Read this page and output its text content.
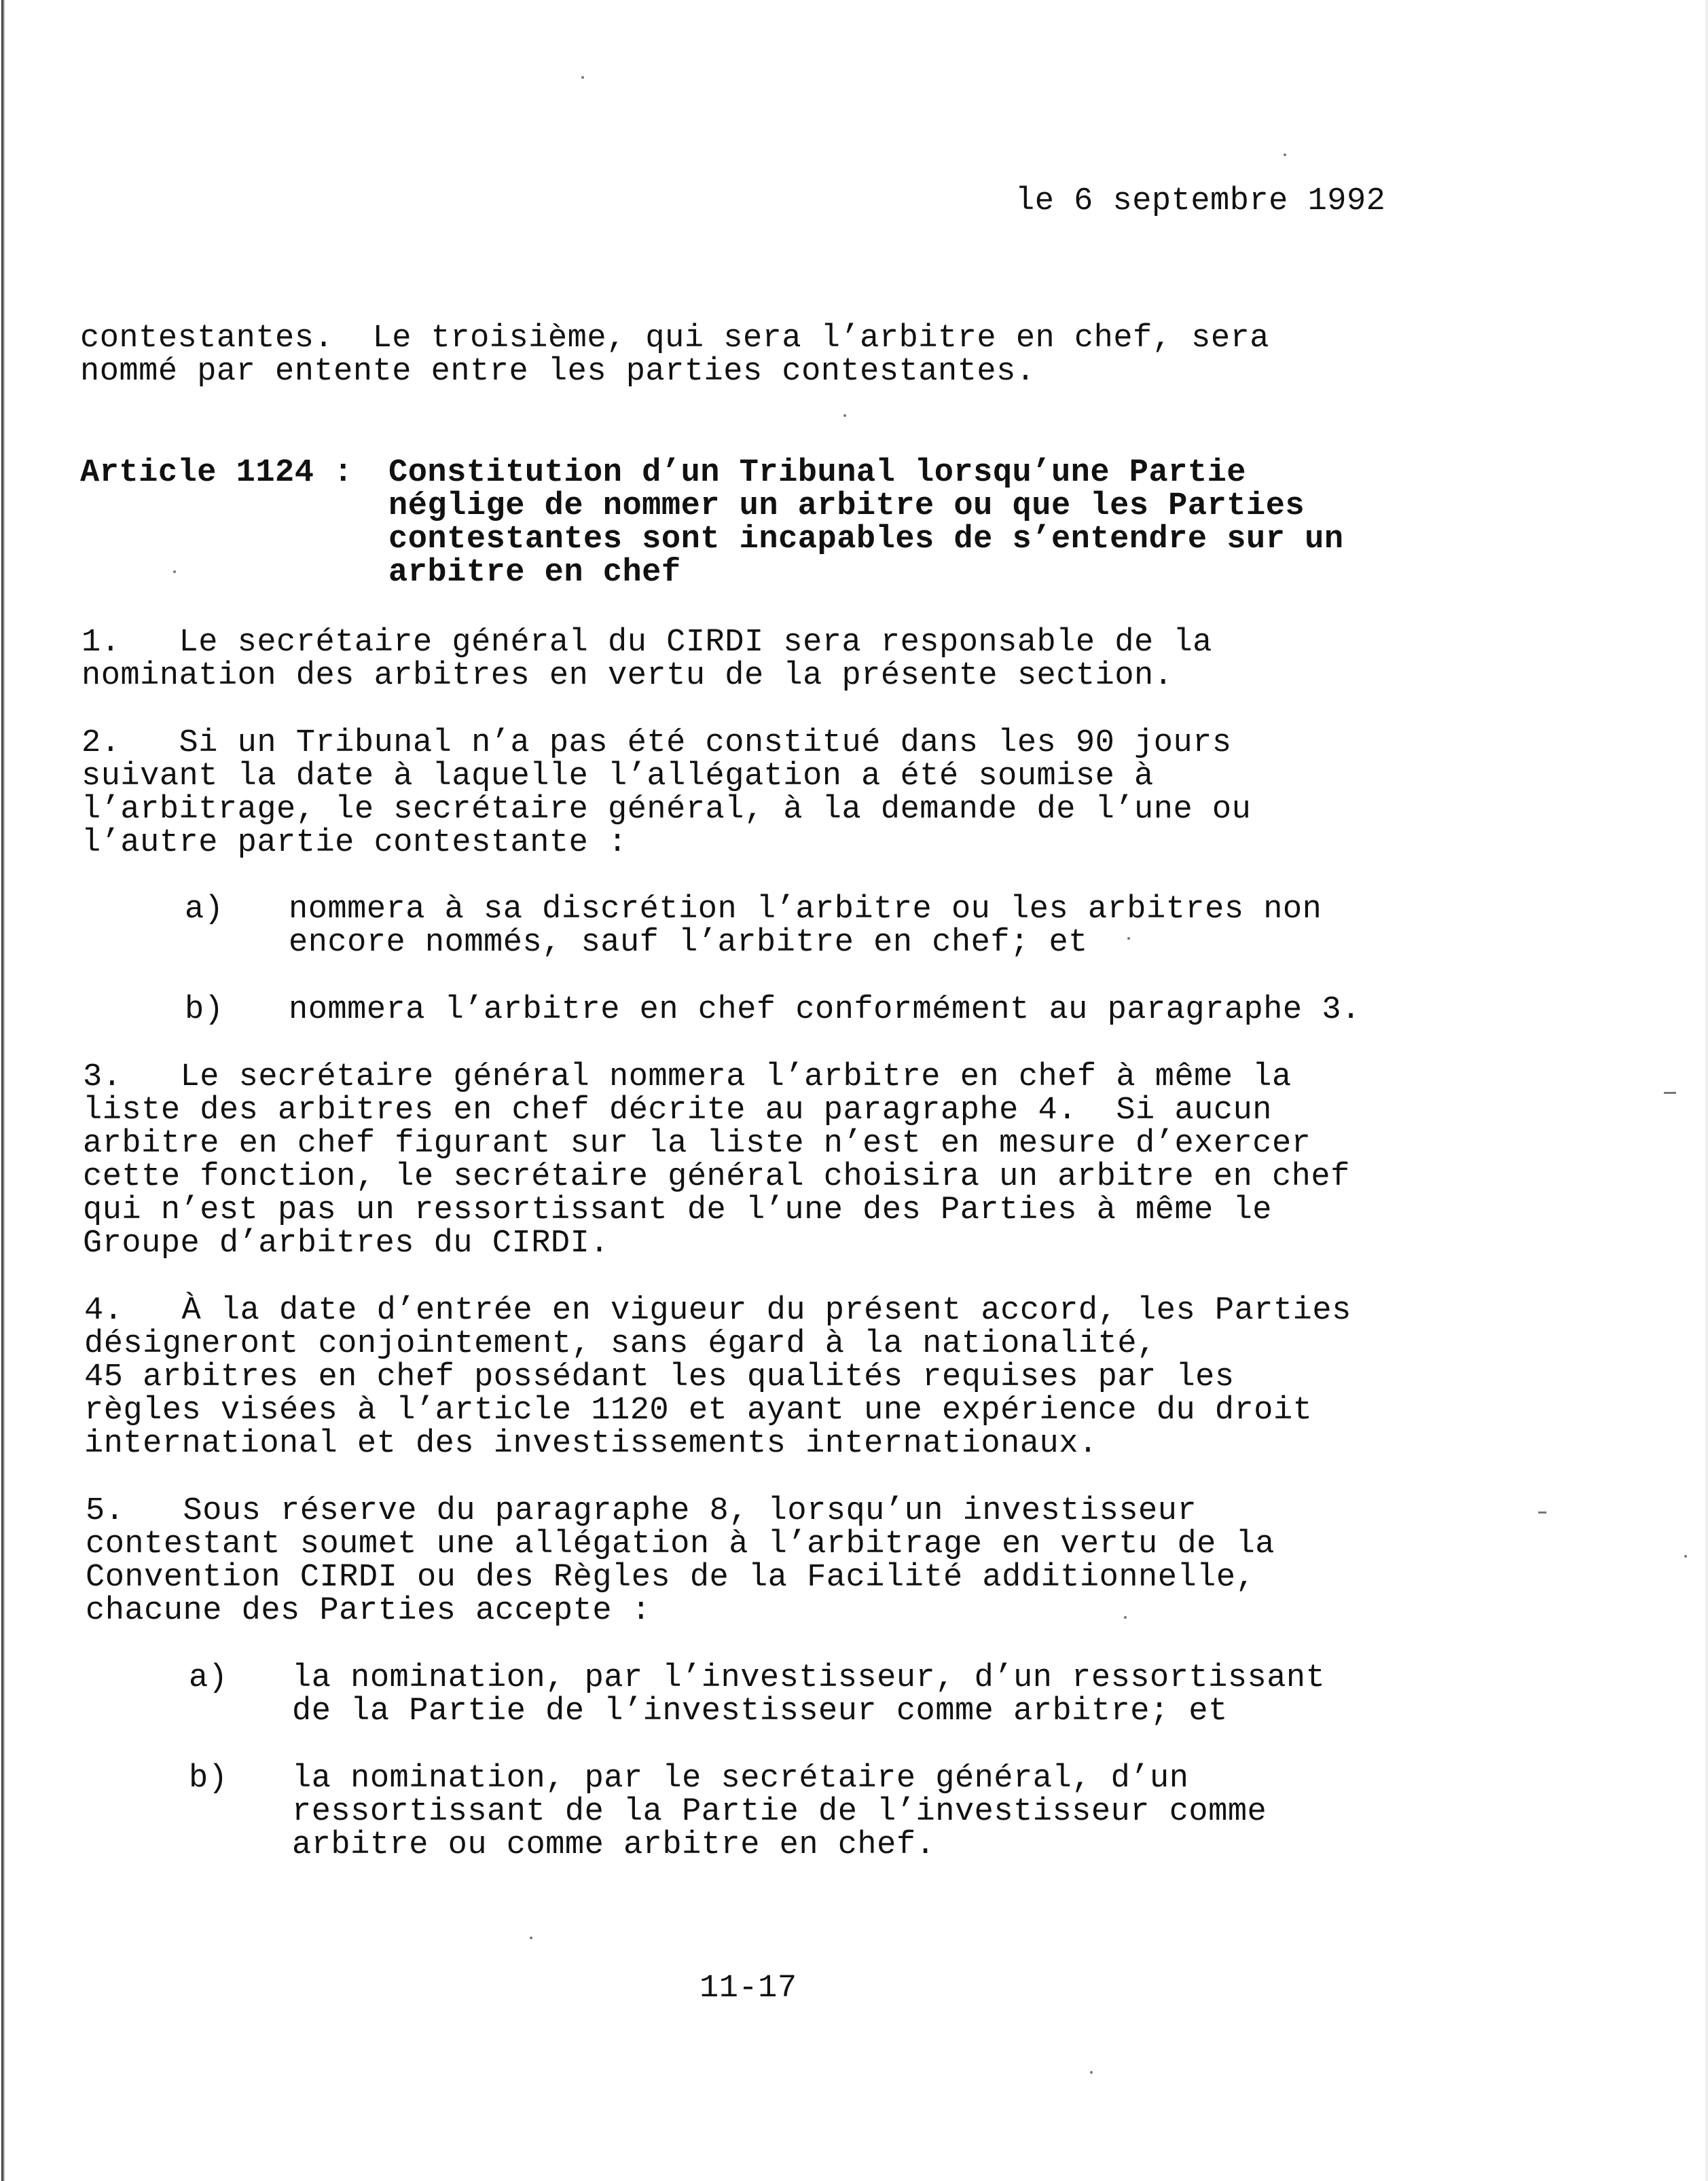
le 6 septembre 1992
contestantes.  Le troisième, qui sera l’arbitre en chef, sera
nommé par entente entre les parties contestantes.
Article 1124 : Constitution d’un Tribunal lorsqu’une Partie
néglige de nommer un arbitre ou que les Parties
contestantes sont incapables de s’entendre sur un
arbitre en chef
1.   Le secrétaire général du CIRDI sera responsable de la
nomination des arbitres en vertu de la présente section.
2.   Si un Tribunal n’a pas été constitué dans les 90 jours
suivant la date à laquelle l’allégation a été soumise à
l’arbitrage, le secrétaire général, à la demande de l’une ou
l’autre partie contestante :
a) nommera à sa discrétion l’arbitre ou les arbitres non
encore nommés, sauf l’arbitre en chef; et
b) nommera l’arbitre en chef conformément au paragraphe 3.
3.   Le secrétaire général nommera l’arbitre en chef à même la
liste des arbitres en chef décrite au paragraphe 4.  Si aucun
arbitre en chef figurant sur la liste n’est en mesure d’exercer
cette fonction, le secrétaire général choisira un arbitre en chef
qui n’est pas un ressortissant de l’une des Parties à même le
Groupe d’arbitres du CIRDI.
4.   À la date d’entrée en vigueur du présent accord, les Parties
désigneront conjointement, sans égard à la nationalité,
45 arbitres en chef possédant les qualités requises par les
règles visées à l’article 1120 et ayant une expérience du droit
international et des investissements internationaux.
5.   Sous réserve du paragraphe 8, lorsqu’un investisseur
contestant soumet une allégation à l’arbitrage en vertu de la
Convention CIRDI ou des Règles de la Facilité additionnelle,
chacune des Parties accepte :
a) la nomination, par l’investisseur, d’un ressortissant
de la Partie de l’investisseur comme arbitre; et
b) la nomination, par le secrétaire général, d’un
ressortissant de la Partie de l’investisseur comme
arbitre ou comme arbitre en chef.
11-17
